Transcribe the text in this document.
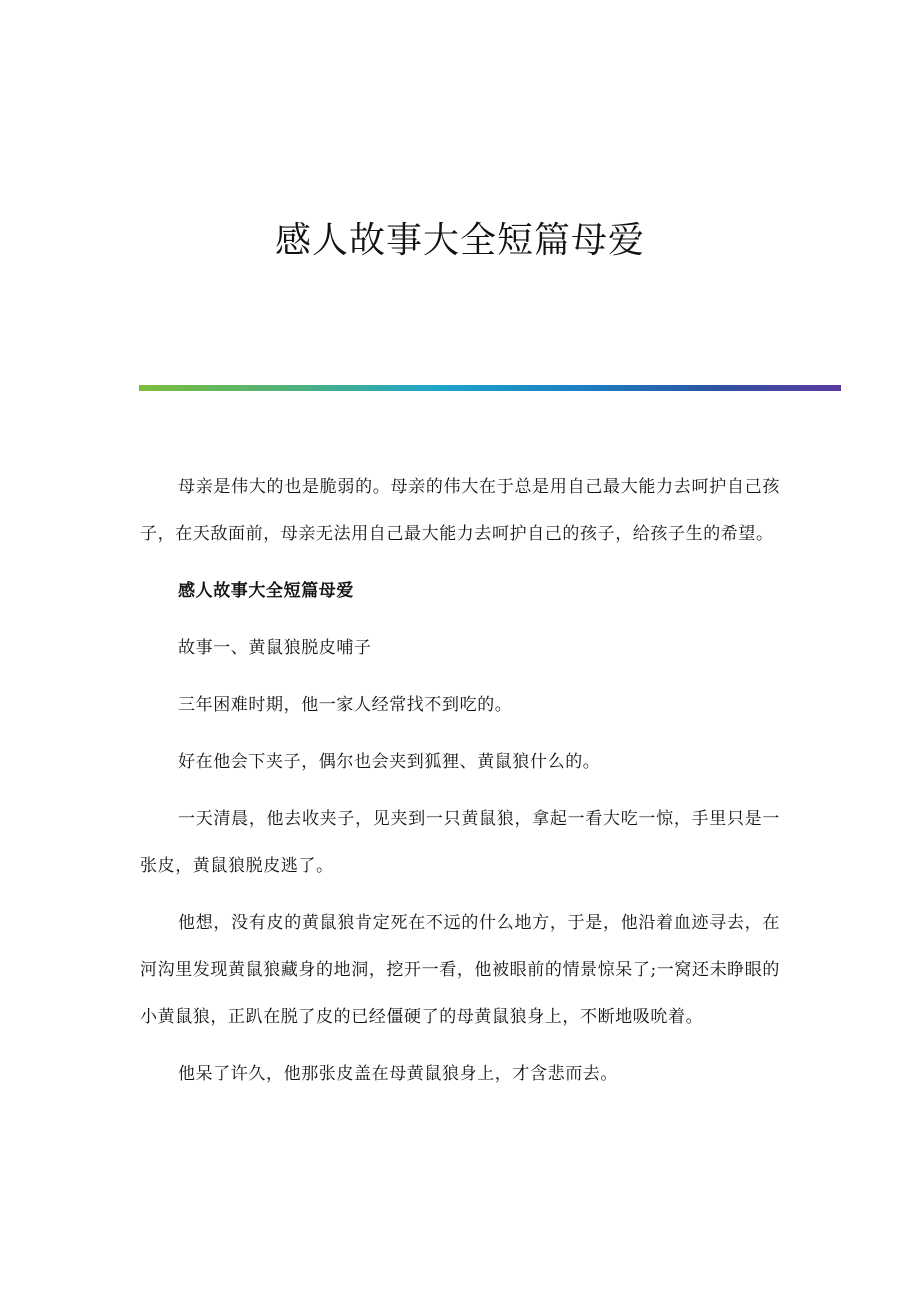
感人故事大全短篇母爱

母亲是伟大的也是脆弱的。母亲的伟大在于总是用自己最大能力去呵护自己孩子，在天敌面前，母亲无法用自己最大能力去呵护自己的孩子，给孩子生的希望。

感人故事大全短篇母爱

故事一、黄鼠狼脱皮哺子

三年困难时期，他一家人经常找不到吃的。

好在他会下夹子，偶尔也会夹到狐狸、黄鼠狼什么的。

一天清晨，他去收夹子，见夹到一只黄鼠狼，拿起一看大吃一惊，手里只是一张皮，黄鼠狼脱皮逃了。

他想，没有皮的黄鼠狼肯定死在不远的什么地方，于是，他沿着血迹寻去，在河沟里发现黄鼠狼藏身的地洞，挖开一看，他被眼前的情景惊呆了;一窝还未睁眼的小黄鼠狼，正趴在脱了皮的已经僵硬了的母黄鼠狼身上，不断地吸吮着。

他呆了许久，他那张皮盖在母黄鼠狼身上，才含悲而去。
